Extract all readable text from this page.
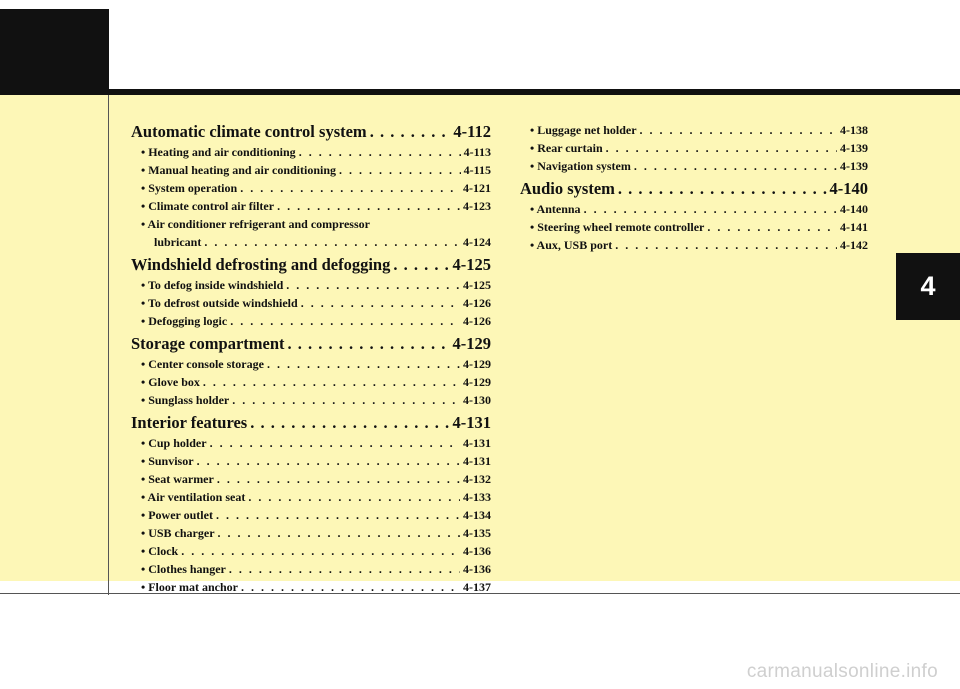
Automatic climate control system . . .	4-112
• Heating and air conditioning . . .	4-113
• Manual heating and air conditioning . . .	4-115
• System operation . . .	4-121
• Climate control air filter . . .	4-123
• Air conditioner refrigerant and compressor
lubricant . . .	4-124
Windshield defrosting and defogging . . .	4-125
• To defog inside windshield . . .	4-125
• To defrost outside windshield . . .	4-126
• Defogging logic . . .	4-126
Storage compartment . . .	4-129
• Center console storage . . .	4-129
• Glove box . . .	4-129
• Sunglass holder . . .	4-130
Interior features . . .	4-131
• Cup holder . . .	4-131
• Sunvisor . . .	4-131
• Seat warmer . . .	4-132
• Air ventilation seat . . .	4-133
• Power outlet . . .	4-134
• USB charger . . .	4-135
• Clock . . .	4-136
• Clothes hanger . . .	4-136
• Floor mat anchor . . .	4-137
• Luggage net holder . . .	4-138
• Rear curtain . . .	4-139
• Navigation system . . .	4-139
Audio system . . .	4-140
• Antenna . . .	4-140
• Steering wheel remote controller . . .	4-141
• Aux, USB port . . .	4-142
4
carmanualsonline.info
